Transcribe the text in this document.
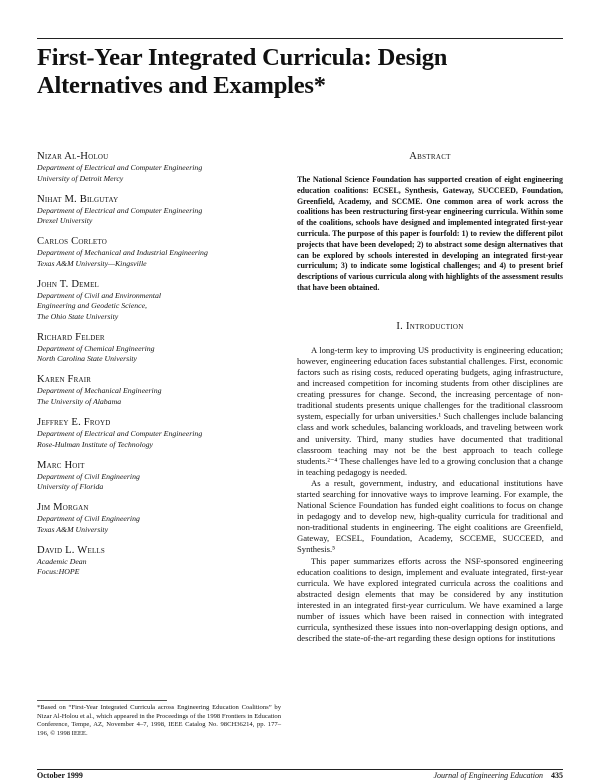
First-Year Integrated Curricula: Design Alternatives and Examples*
Nizar Al-Holou
Department of Electrical and Computer Engineering
University of Detroit Mercy
Nihat M. Bilgutay
Department of Electrical and Computer Engineering
Drexel University
Carlos Corleto
Department of Mechanical and Industrial Engineering
Texas A&M University—Kingsville
John T. Demel
Department of Civil and Environmental
Engineering and Geodetic Science,
The Ohio State University
Richard Felder
Department of Chemical Engineering
North Carolina State University
Karen Frair
Department of Mechanical Engineering
The University of Alabama
Jeffrey E. Froyd
Department of Electrical and Computer Engineering
Rose-Hulman Institute of Technology
Marc Hoit
Department of Civil Engineering
University of Florida
Jim Morgan
Department of Civil Engineering
Texas A&M University
David L. Wells
Academic Dean
Focus:HOPE
*Based on “First-Year Integrated Curricula across Engineering Education Coalitions” by Nizar Al-Holou et al., which appeared in the Proceedings of the 1998 Frontiers in Education Conference, Tempe, AZ, November 4–7, 1998, IEEE Catalog No. 98CH36214, pp. 177–196, © 1998 IEEE.
Abstract
The National Science Foundation has supported creation of eight engineering education coalitions: ECSEL, Synthesis, Gateway, SUCCEED, Foundation, Greenfield, Academy, and SCCME. One common area of work across the coalitions has been restructuring first-year engineering curricula. Within some of the coalitions, schools have designed and implemented integrated first-year curricula. The purpose of this paper is fourfold: 1) to review the different pilot projects that have been developed; 2) to abstract some design alternatives that can be explored by schools interested in developing an integrated first-year curriculum; 3) to indicate some logistical challenges; and 4) to present brief descriptions of various curricula along with highlights of the assessment results that have been obtained.
I. Introduction

A long-term key to improving US productivity is engineering education; however, engineering education faces substantial challenges. First, economic factors such as rising costs, reduced operating budgets, aging infrastructure, and increased competition for incoming students from other disciplines are creating pressures for change. Second, the increasing percentage of non-traditional students presents unique challenges for the traditional classroom system, especially for urban universities.¹ Such challenges include balancing class and work schedules, balancing workloads, and traveling between work and university. Third, many studies have documented that traditional classroom teaching may not be the best approach to teach college students.²⁻⁴ These challenges have led to a growing conclusion that a change in teaching pedagogy is needed.

As a result, government, industry, and educational institutions have started searching for innovative ways to improve learning. For example, the National Science Foundation has funded eight coalitions to focus on change in pedagogy and to develop new, high-quality curricula for traditional and non-traditional students in engineering. The eight coalitions are Greenfield, Gateway, ECSEL, Foundation, Academy, SCCEME, SUCCEED, and Synthesis.⁵

This paper summarizes efforts across the NSF-sponsored engineering education coalitions to design, implement and evaluate integrated, first-year curricula. We have explored integrated curricula across the coalitions and abstracted design elements that may be considered by any institution interested in an integrated first-year curriculum. We have examined a large number of issues which have been raised in connection with integrated curricula, synthesized these issues into non-overlapping design options, and described the state-of-the-art regarding these design options for institutions

October 1999	Journal of Engineering Education 435
